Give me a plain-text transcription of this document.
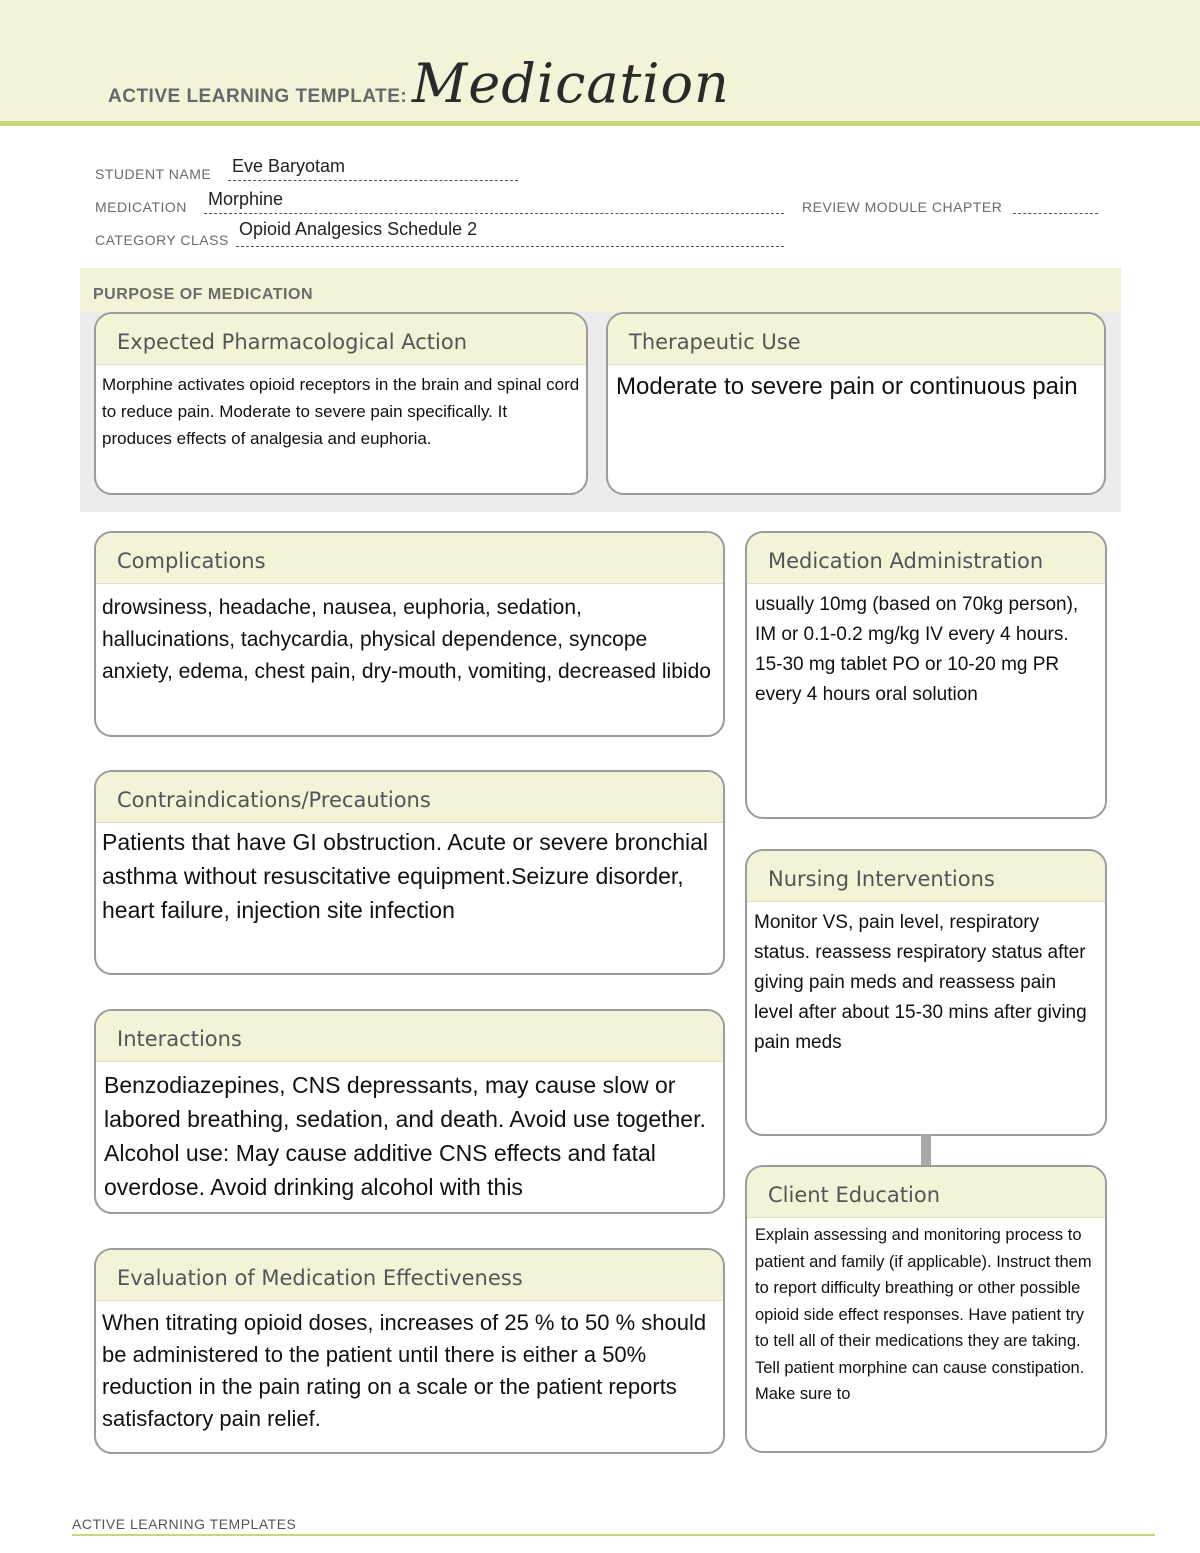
ACTIVE LEARNING TEMPLATE: Medication
STUDENT NAME Eve Baryotam
MEDICATION Morphine	REVIEW MODULE CHAPTER
CATEGORY CLASS
Opioid Analgesics Schedule 2
PURPOSE OF MEDICATION
Expected Pharmacological Action
Morphine activates opioid receptors in the brain and spinal cord to reduce pain. Moderate to severe pain specifically. It produces effects of analgesia and euphoria.
Therapeutic Use
Moderate to severe pain or continuous pain
Complications
drowsiness, headache, nausea, euphoria, sedation, hallucinations, tachycardia, physical dependence, syncope anxiety, edema, chest pain, dry-mouth, vomiting, decreased libido
Contraindications/Precautions
Patients that have GI obstruction. Acute or severe bronchial asthma without resuscitative equipment.Seizure disorder, heart failure, injection site infection
Interactions
Benzodiazepines, CNS depressants, may cause slow or labored breathing, sedation, and death. Avoid use together. Alcohol use: May cause additive CNS effects and fatal overdose. Avoid drinking alcohol with this
Evaluation of Medication Effectiveness
When titrating opioid doses, increases of 25 % to 50 % should be administered to the patient until there is either a 50% reduction in the pain rating on a scale or the patient reports satisfactory pain relief.
Medication Administration
usually 10mg (based on 70kg person), IM or 0.1-0.2 mg/kg IV every 4 hours. 15-30 mg tablet PO or 10-20 mg PR every 4 hours oral solution
Nursing Interventions
Monitor VS, pain level, respiratory status. reassess respiratory status after giving pain meds and reassess pain level after about 15-30 mins after giving pain meds
Client Education
Explain assessing and monitoring process to patient and family (if applicable). Instruct them to report difficulty breathing or other possible opioid side effect responses. Have patient try to tell all of their medications they are taking. Tell patient morphine can cause constipation. Make sure to
ACTIVE LEARNING TEMPLATES
